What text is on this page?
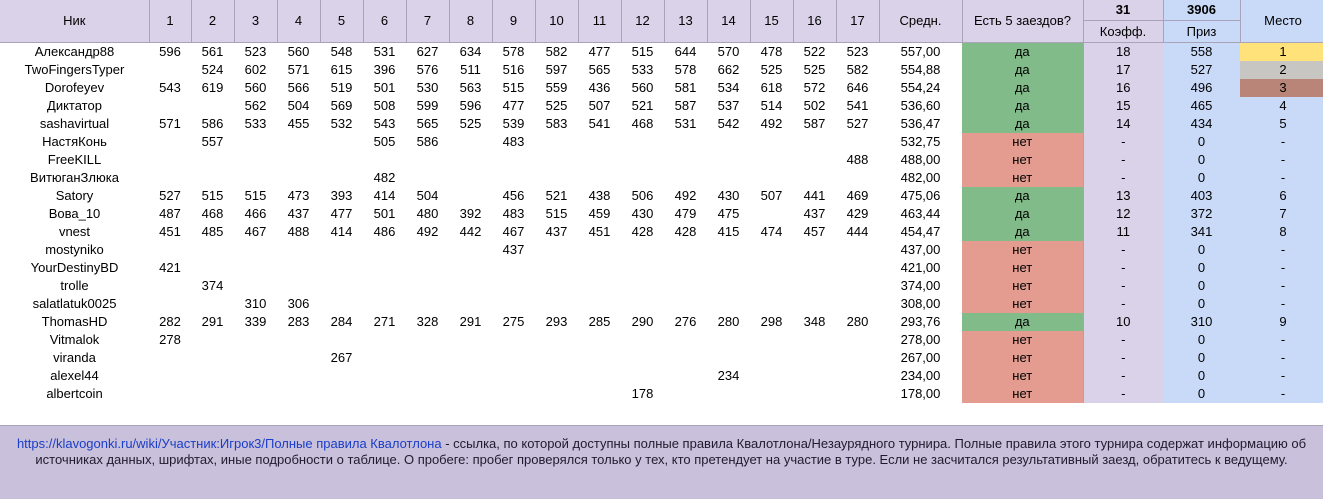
Ник	1	2	3	4	5	6	7	8	9	10	11	12	13	14	15	16	17	Средн.	Есть 5 заездов?	31	3906	Место
																				Коэфф.	Приз	
Александр88	596	561	523	560	548	531	627	634	578	582	477	515	644	570	478	522	523	557,00	да	18	558	1
TwoFingersTyper		524	602	571	615	396	576	511	516	597	565	533	578	662	525	525	582	554,88	да	17	527	2
Dorofeyev	543	619	560	566	519	501	530	563	515	559	436	560	581	534	618	572	646	554,24	да	16	496	3
Диктатор			562	504	569	508	599	596	477	525	507	521	587	537	514	502	541	536,60	да	15	465	4
sashavirtual	571	586	533	455	532	543	565	525	539	583	541	468	531	542	492	587	527	536,47	да	14	434	5
НастяКонь		557				505	586		483									532,75	нет	-	0	-
FreeKILL																	488	488,00	нет	-	0	-
ВитюганЗлюка						482												482,00	нет	-	0	-
Satory	527	515	515	473	393	414	504		456	521	438	506	492	430	507	441	469	475,06	да	13	403	6
Вова_10	487	468	466	437	477	501	480	392	483	515	459	430	479	475		437	429	463,44	да	12	372	7
vnest	451	485	467	488	414	486	492	442	467	437	451	428	428	415	474	457	444	454,47	да	11	341	8
mostyniko									437									437,00	нет	-	0	-
YourDestinyBD	421																	421,00	нет	-	0	-
trolle		374																374,00	нет	-	0	-
salatlatuk0025			310	306														308,00	нет	-	0	-
ThomasHD	282	291	339	283	284	271	328	291	275	293	285	290	276	280	298	348	280	293,76	да	10	310	9
Vitmalok	278																	278,00	нет	-	0	-
viranda					267													267,00	нет	-	0	-
alexel44														234				234,00	нет	-	0	-
albertcoin												178						178,00	нет	-	0	-
https://klavogonki.ru/wiki/Участник:Игрок3/Полные правила Квалотлона - ссылка, по которой доступны полные правила Квалотлона/Незаурядного турнира. Полные правила этого турнира содержат информацию об источниках данных, шрифтах, иные подробности о таблице. О пробеге: пробег проверялся только у тех, кто претендует на участие в туре. Если не засчитался результативный заезд, обратитесь к ведущему.
